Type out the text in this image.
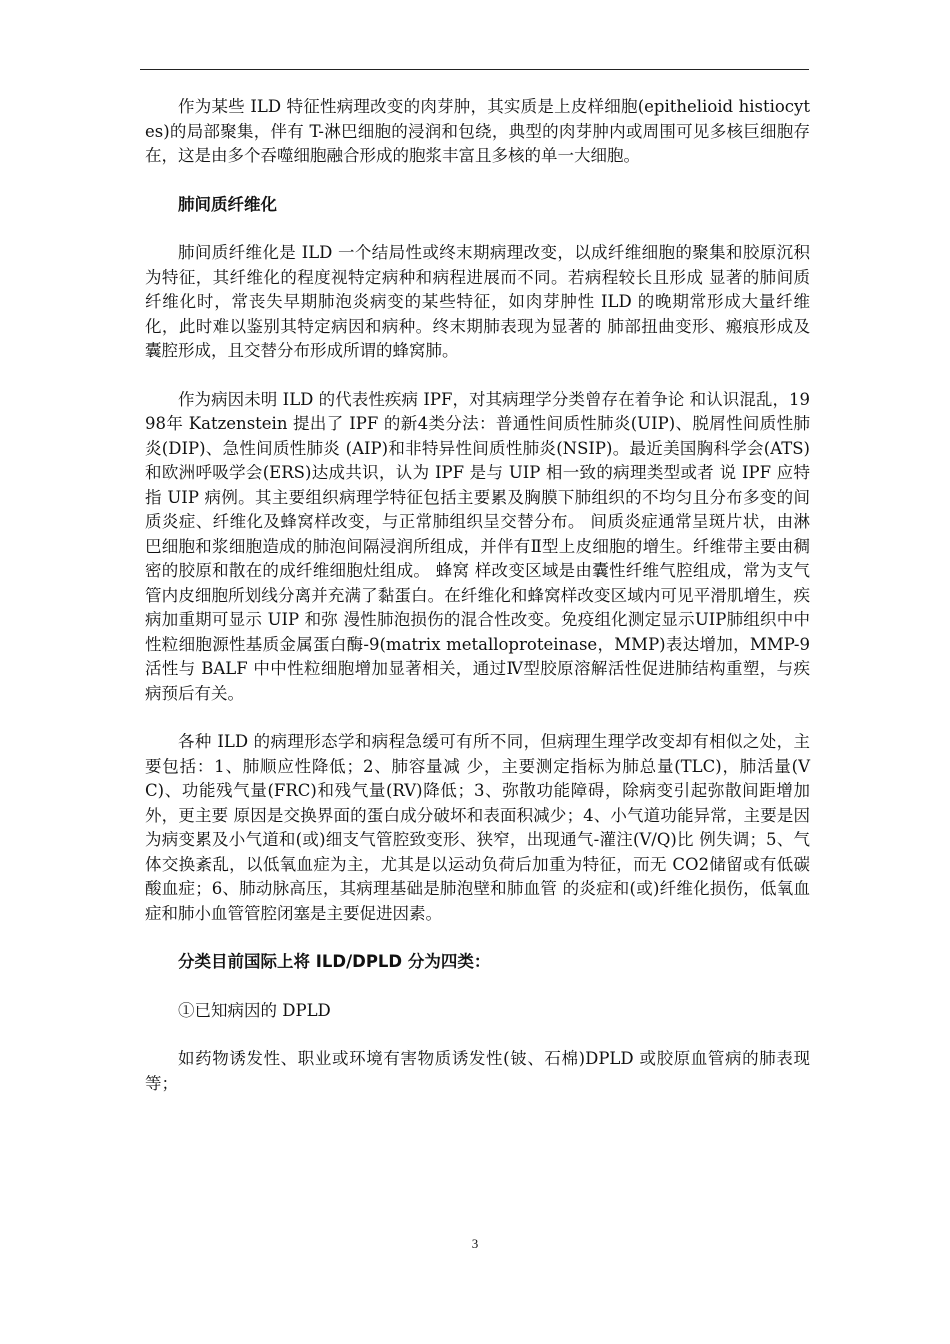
作为某些 ILD 特征性病理改变的肉芽肿，其实质是上皮样细胞(epithelioid histiocytes)的局部聚集，伴有 T-淋巴细胞的浸润和包绕，典型的肉芽肿内或周围可见多核巨细胞存在，这是由多个吞噬细胞融合形成的胞浆丰富且多核的单一大细胞。

肺间质纤维化

肺间质纤维化是 ILD 一个结局性或终末期病理改变，以成纤维细胞的聚集和胶原沉积为特征，其纤维化的程度视特定病种和病程进展而不同。若病程较长且形成 显著的肺间质纤维化时，常丧失早期肺泡炎病变的某些特征，如肉芽肿性 ILD 的晚期常形成大量纤维化，此时难以鉴别其特定病因和病种。终末期肺表现为显著的 肺部扭曲变形、瘢痕形成及囊腔形成，且交替分布形成所谓的蜂窝肺。

作为病因未明 ILD 的代表性疾病 IPF，对其病理学分类曾存在着争论 和认识混乱，1998年 Katzenstein 提出了 IPF 的新4类分法：普通性间质性肺炎(UIP)、脱屑性间质性肺炎(DIP)、急性间质性肺炎 (AIP)和非特异性间质性肺炎(NSIP)。最近美国胸科学会(ATS)和欧洲呼吸学会(ERS)达成共识，认为 IPF 是与 UIP 相一致的病理类型或者 说 IPF 应特指 UIP 病例。其主要组织病理学特征包括主要累及胸膜下肺组织的不均匀且分布多变的间质炎症、纤维化及蜂窝样改变，与正常肺组织呈交替分布。 间质炎症通常呈斑片状，由淋巴细胞和浆细胞造成的肺泡间隔浸润所组成，并伴有Ⅱ型上皮细胞的增生。纤维带主要由稠密的胶原和散在的成纤维细胞灶组成。 蜂窝 样改变区域是由囊性纤维气腔组成，常为支气管内皮细胞所划线分离并充满了黏蛋白。在纤维化和蜂窝样改变区域内可见平滑肌增生，疾病加重期可显示 UIP 和弥 漫性肺泡损伤的混合性改变。免疫组化测定显示UIP肺组织中中性粒细胞源性基质金属蛋白酶-9(matrix metalloproteinase，MMP)表达增加，MMP-9活性与 BALF 中中性粒细胞增加显著相关，通过Ⅳ型胶原溶解活性促进肺结构重塑，与疾 病预后有关。

各种 ILD 的病理形态学和病程急缓可有所不同，但病理生理学改变却有相似之处，主要包括：1、肺顺应性降低；2、肺容量减 少，主要测定指标为肺总量(TLC)，肺活量(VC)、功能残气量(FRC)和残气量(RV)降低；3、弥散功能障碍，除病变引起弥散间距增加外，更主要 原因是交换界面的蛋白成分破坏和表面积减少；4、小气道功能异常，主要是因为病变累及小气道和(或)细支气管腔致变形、狭窄，出现通气-灌注(V/Q)比 例失调；5、气体交换紊乱，以低氧血症为主，尤其是以运动负荷后加重为特征，而无 CO2储留或有低碳酸血症；6、肺动脉高压，其病理基础是肺泡壁和肺血管 的炎症和(或)纤维化损伤，低氧血症和肺小血管管腔闭塞是主要促进因素。

分类目前国际上将 ILD/DPLD 分为四类：

①已知病因的 DPLD

如药物诱发性、职业或环境有害物质诱发性(铍、石棉)DPLD 或胶原血管病的肺表现等；

3
